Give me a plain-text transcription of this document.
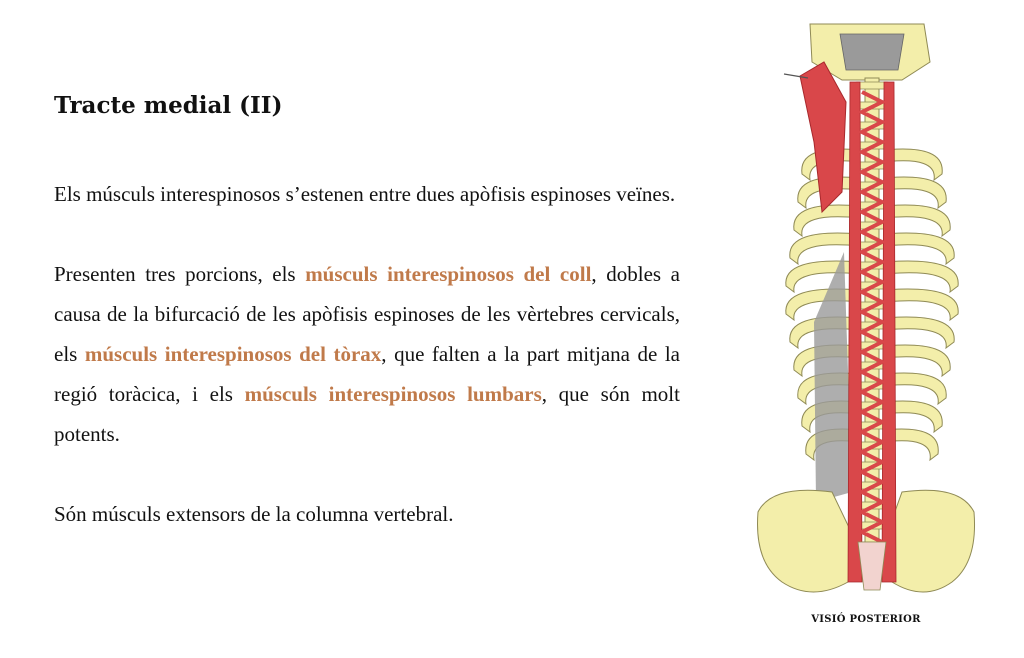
Tracte medial (II)

Els músculs interespinosos s’estenen entre dues apòfisis espinoses veïnes.

Presenten tres porcions, els músculs interespinosos del coll, dobles a causa de la bifurcació de les apòfisis espinoses de les vèrtebres cervicals, els músculs interespinosos del tòrax, que falten a la part mitjana de la regió toràcica, i els músculs interespinosos lumbars, que són molt potents.

Són músculs extensors de la columna vertebral.

VISIÓ POSTERIOR
